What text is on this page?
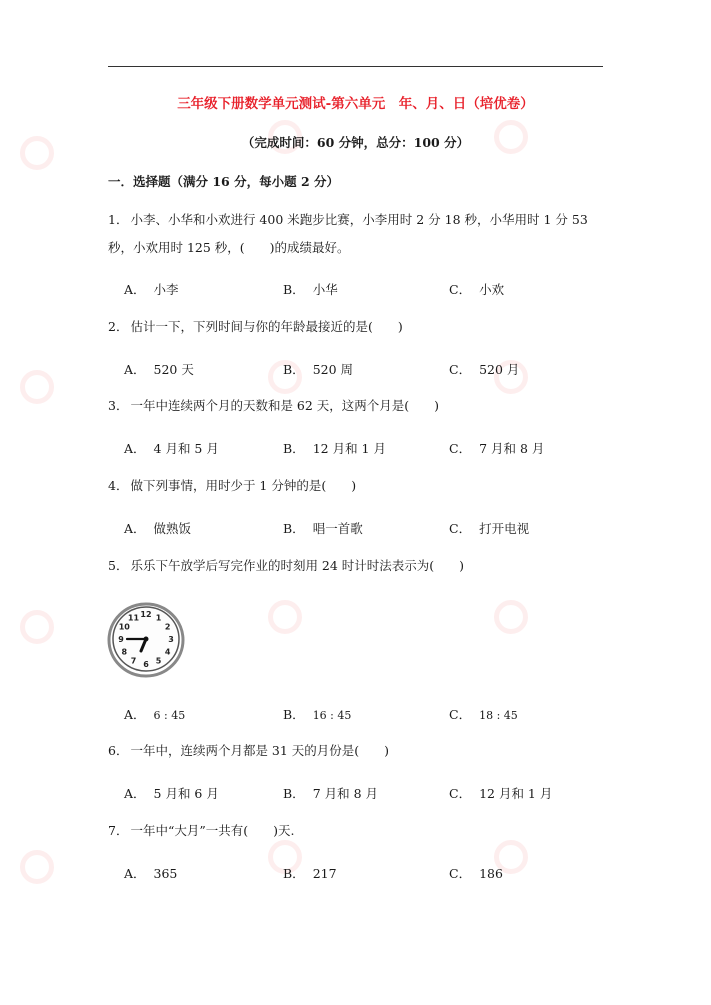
三年级下册数学单元测试-第六单元　年、月、日（培优卷）
（完成时间：60 分钟，总分：100 分）
一．选择题（满分 16 分，每小题 2 分）
1． 小李、小华和小欢进行 400 米跑步比赛，小李用时 2 分 18 秒，小华用时 1 分 53 秒，小欢用时 125 秒，(　　)的成绩最好。
A． 小李	B． 小华	C． 小欢
2． 估计一下，下列时间与你的年龄最接近的是(　　)
A． 520 天	B． 520 周	C． 520 月
3． 一年中连续两个月的天数和是 62 天，这两个月是(　　)
A． 4 月和 5 月	B． 12 月和 1 月	C． 7 月和 8 月
4． 做下列事情，用时少于 1 分钟的是(　　)
A． 做熟饭	B． 唱一首歌	C． 打开电视
5． 乐乐下午放学后写完作业的时刻用 24 时计时法表示为(　　)
12 1
2
3
4
5
6
7
8
9
10
11
A． 6 : 45	B． 16 : 45	C． 18 : 45
6． 一年中，连续两个月都是 31 天的月份是(　　)
A． 5 月和 6 月	B． 7 月和 8 月	C． 12 月和 1 月
7． 一年中“大月”一共有(　　)天.
A． 365	B． 217	C． 186
